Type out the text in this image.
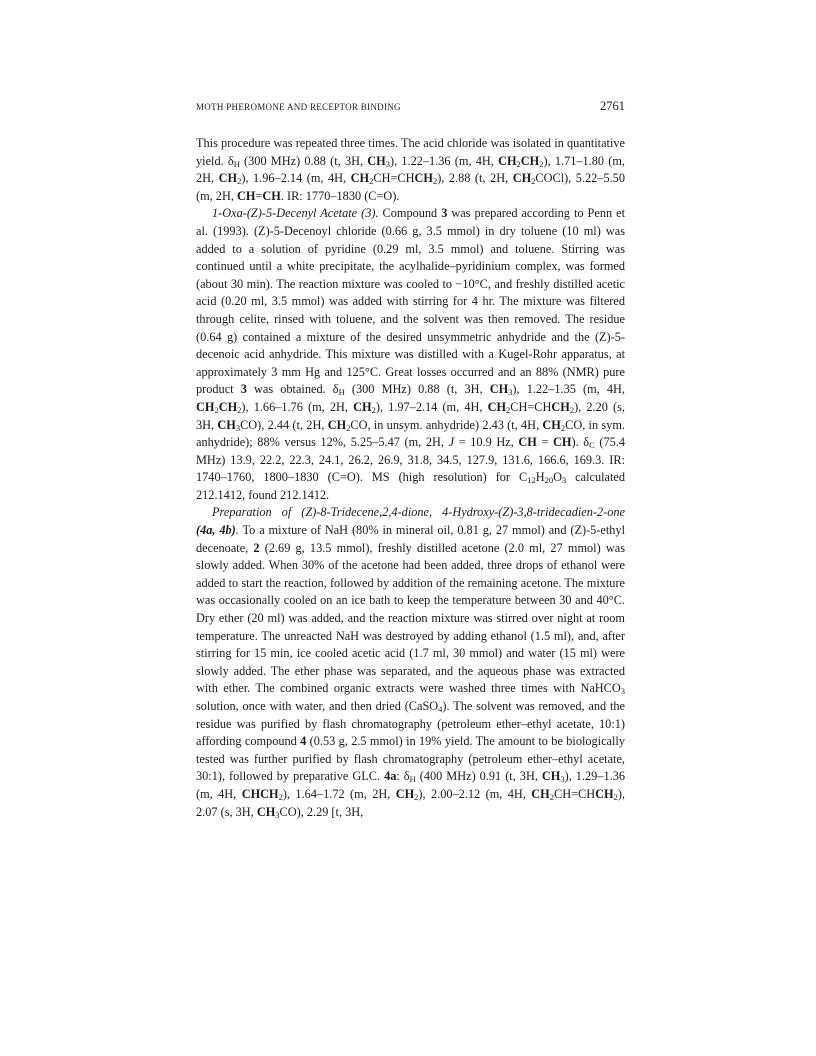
MOTH PHEROMONE AND RECEPTOR BINDING	2761

This procedure was repeated three times. The acid chloride was isolated in quantitative yield. $\delta_H$ (300 MHz) 0.88 (t, 3H, $CH_3$), 1.22–1.36 (m, 4H, $CH_2CH_2$), 1.71–1.80 (m, 2H, $CH_2$), 1.96–2.14 (m, 4H, $CH_2CH=CHCH_2$), 2.88 (t, 2H, $CH_2COCl$), 5.22–5.50 (m, 2H, CH=CH. IR: 1770–1830 (C=O).

1-Oxa-(Z)-5-Decenyl Acetate (3). Compound 3 was prepared according to Penn et al. (1993). (Z)-5-Decenoyl chloride (0.66 g, 3.5 mmol) in dry toluene (10 ml) was added to a solution of pyridine (0.29 ml, 3.5 mmol) and toluene. Stirring was continued until a white precipitate, the acylhalide–pyridinium complex, was formed (about 30 min). The reaction mixture was cooled to −10°C, and freshly distilled acetic acid (0.20 ml, 3.5 mmol) was added with stirring for 4 hr. The mixture was filtered through celite, rinsed with toluene, and the solvent was then removed. The residue (0.64 g) contained a mixture of the desired unsymmetric anhydride and the (Z)-5-decenoic acid anhydride. This mixture was distilled with a Kugel-Rohr apparatus, at approximately 3 mm Hg and 125°C. Great losses occurred and an 88% (NMR) pure product 3 was obtained. $\delta_H$ (300 MHz) 0.88 (t, 3H, $CH_3$), 1.22–1.35 (m, 4H, $CH_2CH_2$), 1.66–1.76 (m, 2H, $CH_2$), 1.97–2.14 (m, 4H, $CH_2CH=CHCH_2$), 2.20 (s, 3H, $CH_3CO$), 2.44 (t, 2H, $CH_2CO$, in unsym. anhydride) 2.43 (t, 4H, $CH_2CO$, in sym. anhydride); 88% versus 12%, 5.25–5.47 (m, 2H, J = 10.9 Hz, CH = CH). $\delta_C$ (75.4 MHz) 13.9, 22.2, 22.3, 24.1, 26.2, 26.9, 31.8, 34.5, 127.9, 131.6, 166.6, 169.3. IR: 1740–1760, 1800–1830 (C=O). MS (high resolution) for $C_{12}H_{20}O_3$ calculated 212.1412, found 212.1412.

Preparation of (Z)-8-Tridecene,2,4-dione, 4-Hydroxy-(Z)-3,8-tridecadien-2-one (4a, 4b). To a mixture of NaH (80% in mineral oil, 0.81 g, 27 mmol) and (Z)-5-ethyl decenoate, 2 (2.69 g, 13.5 mmol), freshly distilled acetone (2.0 ml, 27 mmol) was slowly added. When 30% of the acetone had been added, three drops of ethanol were added to start the reaction, followed by addition of the remaining acetone. The mixture was occasionally cooled on an ice bath to keep the temperature between 30 and 40°C. Dry ether (20 ml) was added, and the reaction mixture was stirred over night at room temperature. The unreacted NaH was destroyed by adding ethanol (1.5 ml), and, after stirring for 15 min, ice cooled acetic acid (1.7 ml, 30 mmol) and water (15 ml) were slowly added. The ether phase was separated, and the aqueous phase was extracted with ether. The combined organic extracts were washed three times with NaHCO$_3$ solution, once with water, and then dried (CaSO$_4$). The solvent was removed, and the residue was purified by flash chromatography (petroleum ether–ethyl acetate, 10:1) affording compound 4 (0.53 g, 2.5 mmol) in 19% yield. The amount to be biologically tested was further purified by flash chromatography (petroleum ether–ethyl acetate, 30:1), followed by preparative GLC. 4a: $\delta_H$ (400 MHz) 0.91 (t, 3H, $CH_3$), 1.29–1.36 (m, 4H, $CHCH_2$), 1.64–1.72 (m, 2H, $CH_2$), 2.00–2.12 (m, 4H, $CH_2CH=CHCH_2$), 2.07 (s, 3H, $CH_3CO$), 2.29 [t, 3H,
